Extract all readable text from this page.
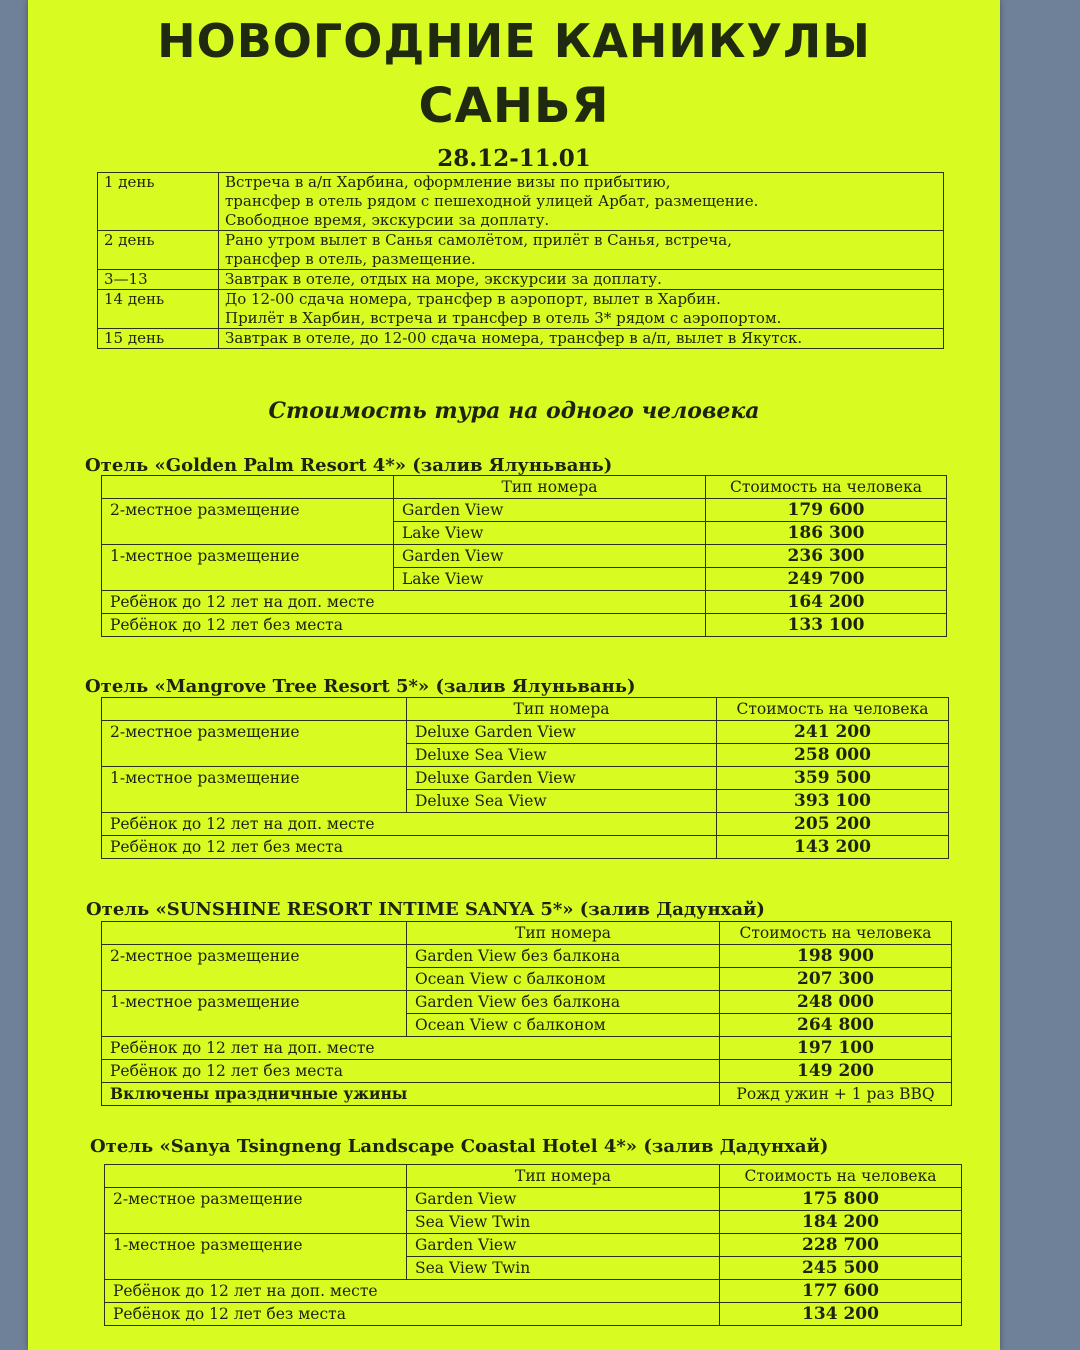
НОВОГОДНИЕ КАНИКУЛЫ
САНЬЯ
28.12-11.01
1 день	Встреча в а/п Харбина, оформление визы по прибытию,
трансфер в отель рядом с пешеходной улицей Арбат, размещение.
Свободное время, экскурсии за доплату.

2 день	Рано утром вылет в Санья самолётом, прилёт в Санья, встреча,
трансфер в отель, размещение.

3—13	Завтрак в отеле, отдых на море, экскурсии за доплату.

14 день	До 12-00 сдача номера, трансфер в аэропорт, вылет в Харбин.
Прилёт в Харбин, встреча и трансфер в отель 3* рядом с аэропортом.

15 день	Завтрак в отеле, до 12-00 сдача номера, трансфер в а/п, вылет в Якутск.
Стоимость тура на одного человека
Отель «Golden Palm Resort 4*» (залив Ялуньвань)
	Тип номера	Стоимость на человека
2-местное размещение	Garden View	179 600
	Lake View	186 300
1-местное размещение	Garden View	236 300
	Lake View	249 700
Ребёнок до 12 лет на доп. месте		164 200
Ребёнок до 12 лет без места		133 100
Отель «Mangrove Tree Resort 5*» (залив Ялуньвань)
	Тип номера	Стоимость на человека
2-местное размещение	Deluxe Garden View	241 200
	Deluxe Sea View	258 000
1-местное размещение	Deluxe Garden View	359 500
	Deluxe Sea View	393 100
Ребёнок до 12 лет на доп. месте		205 200
Ребёнок до 12 лет без места		143 200
Отель «SUNSHINE RESORT INTIME SANYA 5*» (залив Дадунхай)
	Тип номера	Стоимость на человека
2-местное размещение	Garden View без балкона	198 900
	Ocean View с балконом	207 300
1-местное размещение	Garden View без балкона	248 000
	Ocean View с балконом	264 800
Ребёнок до 12 лет на доп. месте		197 100
Ребёнок до 12 лет без места		149 200
Включены праздничные ужины		Рожд ужин + 1 раз BBQ
Отель «Sanya Tsingneng Landscape Coastal Hotel 4*» (залив Дадунхай)
	Тип номера	Стоимость на человека
2-местное размещение	Garden View	175 800
	Sea View Twin	184 200
1-местное размещение	Garden View	228 700
	Sea View Twin	245 500
Ребёнок до 12 лет на доп. месте		177 600
Ребёнок до 12 лет без места		134 200
